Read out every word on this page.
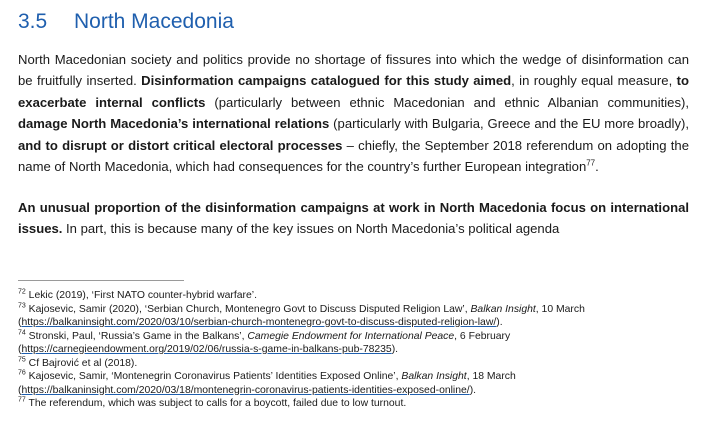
3.5 North Macedonia

North Macedonian society and politics provide no shortage of fissures into which the wedge of disinformation can be fruitfully inserted. Disinformation campaigns catalogued for this study aimed, in roughly equal measure, to exacerbate internal conflicts (particularly between ethnic Macedonian and ethnic Albanian communities), damage North Macedonia’s international relations (particularly with Bulgaria, Greece and the EU more broadly), and to disrupt or distort critical electoral processes – chiefly, the September 2018 referendum on adopting the name of North Macedonia, which had consequences for the country’s further European integration$^{77}$.

An unusual proportion of the disinformation campaigns at work in North Macedonia focus on international issues. In part, this is because many of the key issues on North Macedonia’s political agenda

$^{72}$ Lekic (2019), ‘First NATO counter-hybrid warfare’.
$^{73}$ Kajosevic, Samir (2020), ‘Serbian Church, Montenegro Govt to Discuss Disputed Religion Law’, Balkan Insight, 10 March
(https://balkaninsight.com/2020/03/10/serbian-church-montenegro-govt-to-discuss-disputed-religion-law/).
$^{74}$ Stronski, Paul, ‘Russia’s Game in the Balkans’, Camegie Endowment for International Peace, 6 February
(https://carnegieendowment.org/2019/02/06/russia-s-game-in-balkans-pub-78235).
$^{75}$ Cf Bajrović et al (2018).
$^{76}$ Kajosevic, Samir, ‘Montenegrin Coronavirus Patients’ Identities Exposed Online’, Balkan Insight, 18 March
(https://balkaninsight.com/2020/03/18/montenegrin-coronavirus-patients-identities-exposed-online/).
$^{77}$ The referendum, which was subject to calls for a boycott, failed due to low turnout.
